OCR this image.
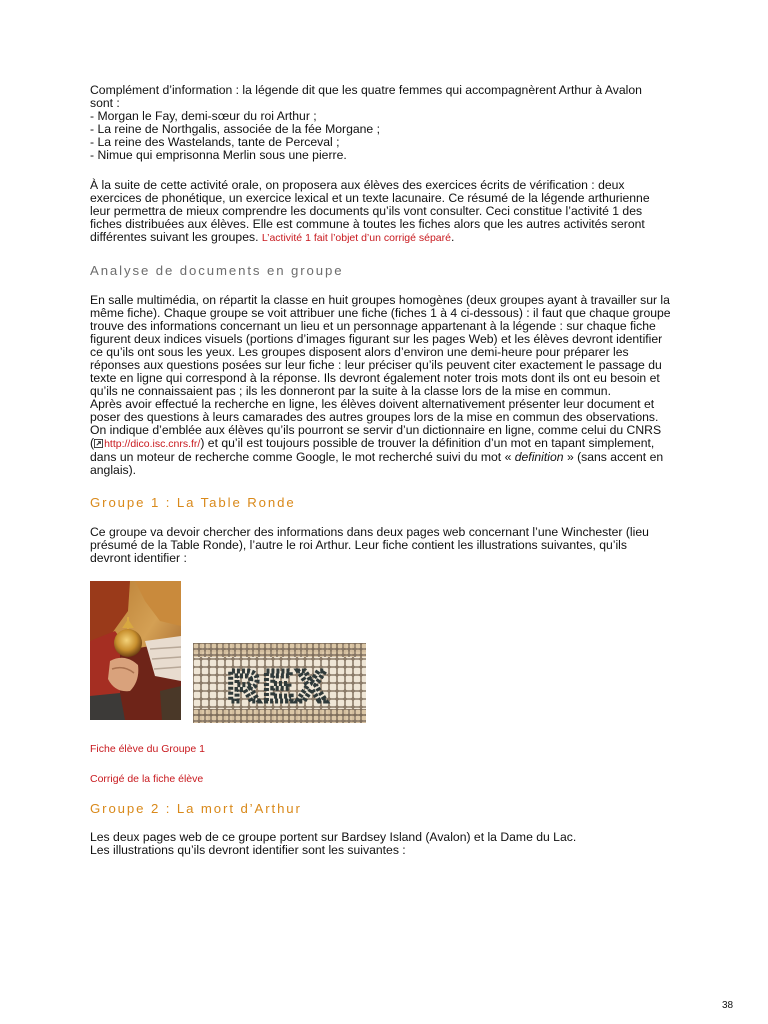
Complément d’information : la légende dit que les quatre femmes qui accompagnèrent Arthur à Avalon
sont :
- Morgan le Fay, demi-sœur du roi Arthur ;
- La reine de Northgalis, associée de la fée Morgane ;
- La reine des Wastelands, tante de Perceval ;
- Nimue qui emprisonna Merlin sous une pierre.

À la suite de cette activité orale, on proposera aux élèves des exercices écrits de vérification : deux
exercices de phonétique, un exercice lexical et un texte lacunaire. Ce résumé de la légende arthurienne
leur permettra de mieux comprendre les documents qu’ils vont consulter. Ceci constitue l’activité 1 des
fiches distribuées aux élèves. Elle est commune à toutes les fiches alors que les autres activités seront
différentes suivant les groupes. L’activité 1 fait l’objet d’un corrigé séparé.

Analyse de documents en groupe

En salle multimédia, on répartit la classe en huit groupes homogènes (deux groupes ayant à travailler sur la
même fiche). Chaque groupe se voit attribuer une fiche (fiches 1 à 4 ci-dessous) : il faut que chaque groupe
trouve des informations concernant un lieu et un personnage appartenant à la légende : sur chaque fiche
figurent deux indices visuels (portions d’images figurant sur les pages Web) et les élèves devront identifier
ce qu’ils ont sous les yeux. Les groupes disposent alors d’environ une demi-heure pour préparer les
réponses aux questions posées sur leur fiche : leur préciser qu’ils peuvent citer exactement le passage du
texte en ligne qui correspond à la réponse. Ils devront également noter trois mots dont ils ont eu besoin et
qu’ils ne connaissaient pas ; ils les donneront par la suite à la classe lors de la mise en commun.
Après avoir effectué la recherche en ligne, les élèves doivent alternativement présenter leur document et
poser des questions à leurs camarades des autres groupes lors de la mise en commun des observations.
On indique d’emblée aux élèves qu’ils pourront se servir d’un dictionnaire en ligne, comme celui du CNRS
( http://dico.isc.cnrs.fr/) et qu’il est toujours possible de trouver la définition d’un mot en tapant simplement,
dans un moteur de recherche comme Google, le mot recherché suivi du mot « definition » (sans accent en
anglais).

Groupe 1 : La Table Ronde

Ce groupe va devoir chercher des informations dans deux pages web concernant l’une Winchester (lieu
présumé de la Table Ronde), l’autre le roi Arthur. Leur fiche contient les illustrations suivantes, qu’ils
devront identifier :

REX

Fiche élève du Groupe 1

Corrigé de la fiche élève

Groupe 2 : La mort d’Arthur

Les deux pages web de ce groupe portent sur Bardsey Island (Avalon) et la Dame du Lac.
Les illustrations qu’ils devront identifier sont les suivantes :

38
